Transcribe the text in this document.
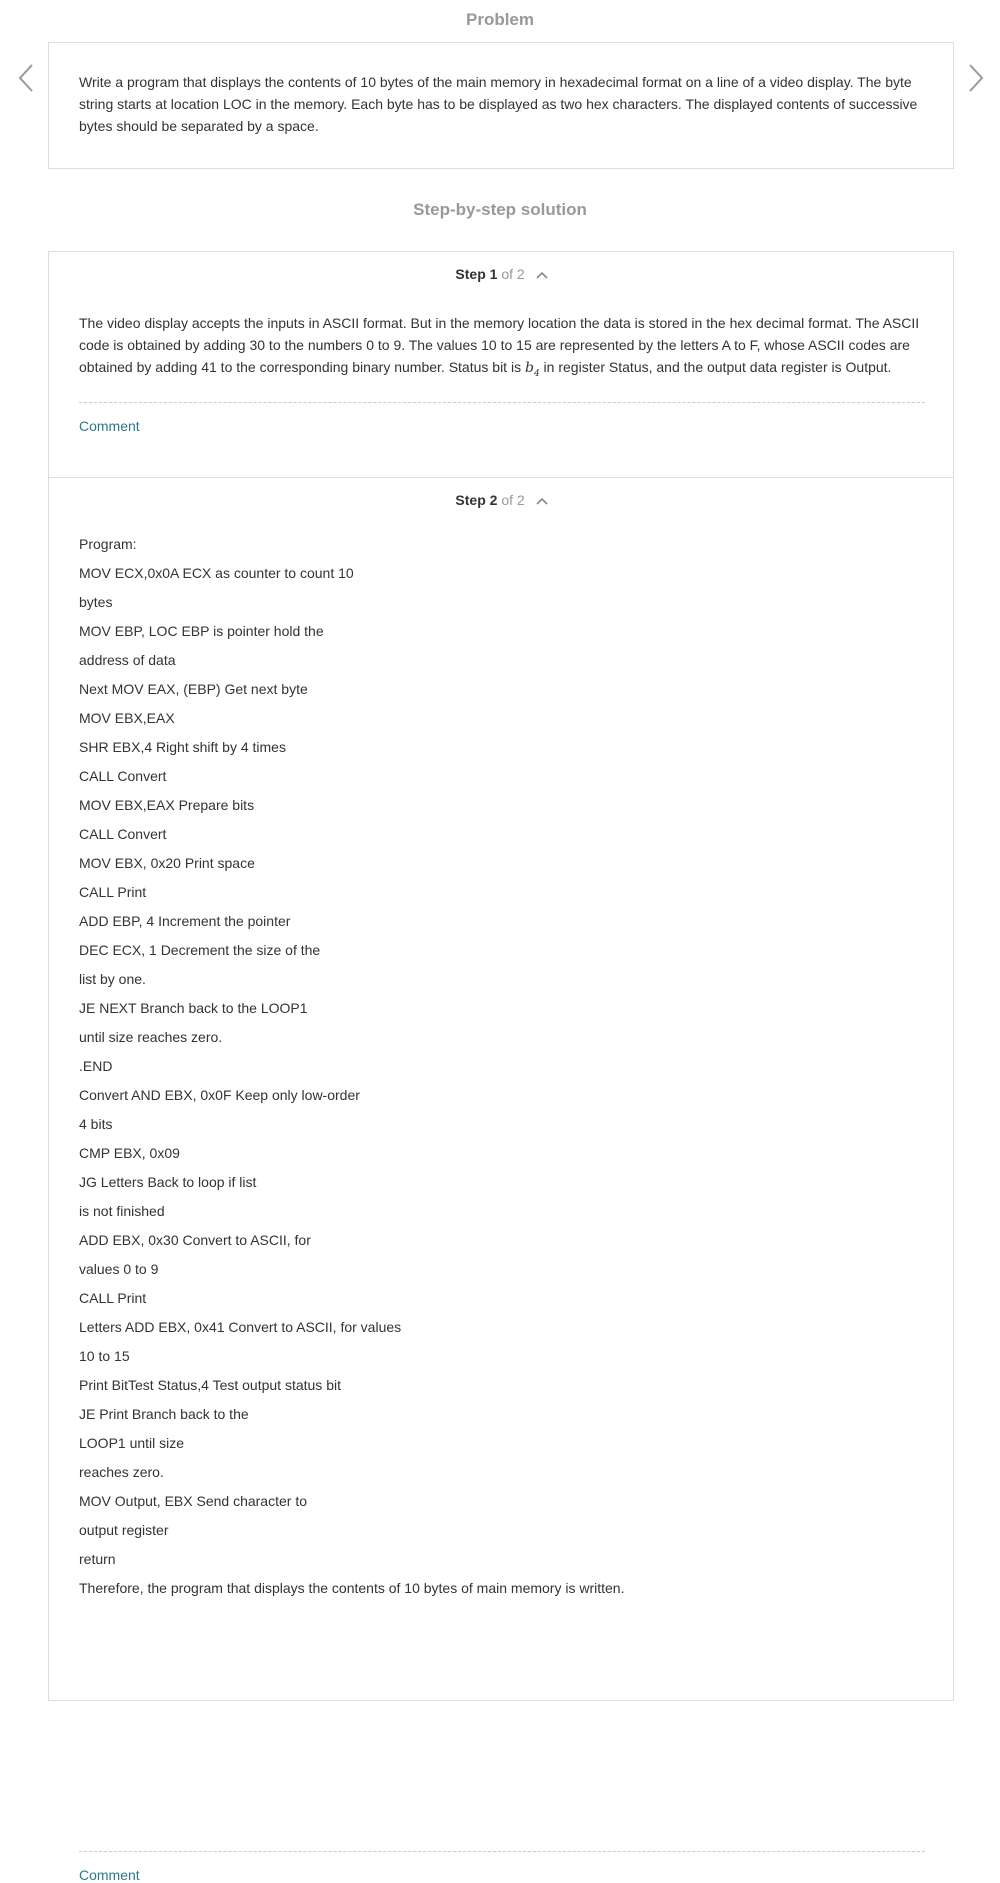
Problem

Write a program that displays the contents of 10 bytes of the main memory in hexadecimal format on a line of a video display. The byte string starts at location LOC in the memory. Each byte has to be displayed as two hex characters. The displayed contents of successive bytes should be separated by a space.

Step-by-step solution
Step 1 of 2

The video display accepts the inputs in ASCII format. But in the memory location the data is stored in the hex decimal format. The ASCII code is obtained by adding 30 to the numbers 0 to 9. The values 10 to 15 are represented by the letters A to F, whose ASCII codes are obtained by adding 41 to the corresponding binary number. Status bit is $b_4$ in register Status, and the output data register is Output.

Comment
Step 2 of 2
Program:
MOV ECX,0x0A ECX as counter to count 10
bytes
MOV EBP, LOC EBP is pointer hold the
address of data
Next MOV EAX, (EBP) Get next byte
MOV EBX,EAX
SHR EBX,4 Right shift by 4 times
CALL Convert
MOV EBX,EAX Prepare bits
CALL Convert
MOV EBX, 0x20 Print space
CALL Print
ADD EBP, 4 Increment the pointer
DEC ECX, 1 Decrement the size of the
list by one.
JE NEXT Branch back to the LOOP1
until size reaches zero.
.END
Convert AND EBX, 0x0F Keep only low-order
4 bits
CMP EBX, 0x09
JG Letters Back to loop if list
is not finished
ADD EBX, 0x30 Convert to ASCII, for
values 0 to 9
CALL Print
Letters ADD EBX, 0x41 Convert to ASCII, for values
10 to 15
Print BitTest Status,4 Test output status bit
JE Print Branch back to the
LOOP1 until size
reaches zero.
MOV Output, EBX Send character to
output register
return
Therefore, the program that displays the contents of 10 bytes of main memory is written.
Comment
